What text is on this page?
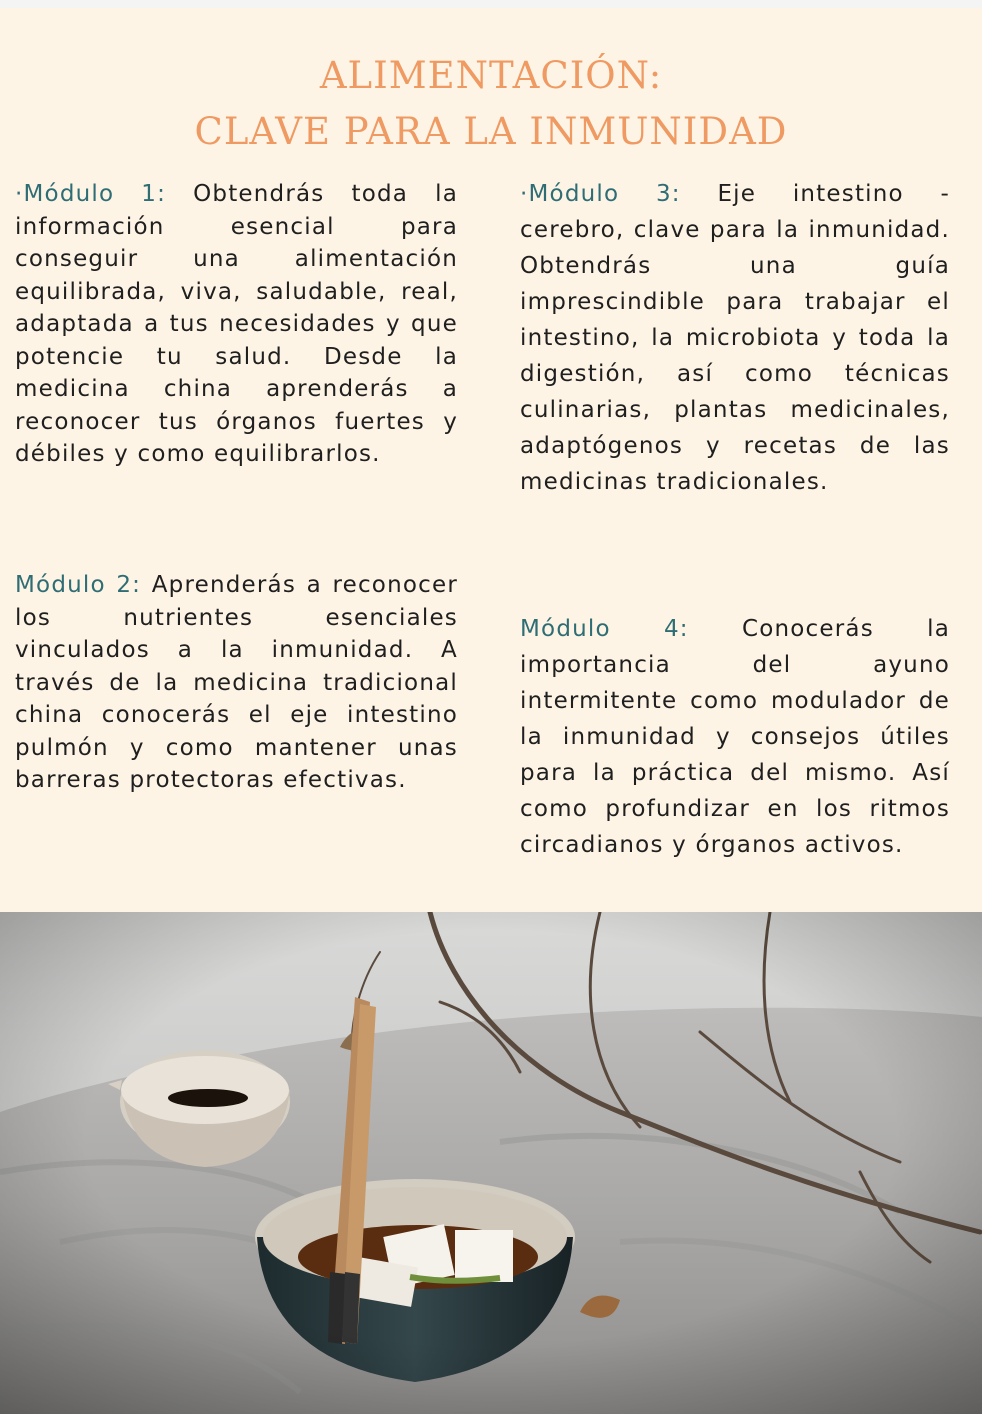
ALIMENTACIÓN:
CLAVE PARA LA INMUNIDAD

·Módulo 1: Obtendrás toda la información esencial para conseguir una alimentación equilibrada, viva, saludable, real, adaptada a tus necesidades y que potencie tu salud. Desde la medicina china aprenderás a reconocer tus órganos fuertes y débiles y como equilibrarlos.

Módulo 2: Aprenderás a reconocer los nutrientes esenciales vinculados a la inmunidad. A través de la medicina tradicional china conocerás el eje intestino pulmón y como mantener unas barreras protectoras efectivas.

·Módulo 3: Eje intestino - cerebro, clave para la inmunidad. Obtendrás una guía imprescindible para trabajar el intestino, la microbiota y toda la digestión, así como técnicas culinarias, plantas medicinales, adaptógenos y recetas de las medicinas tradicionales.

Módulo 4: Conocerás la importancia del ayuno intermitente como modulador de la inmunidad y consejos útiles para la práctica del mismo. Así como profundizar en los ritmos circadianos y órganos activos.
